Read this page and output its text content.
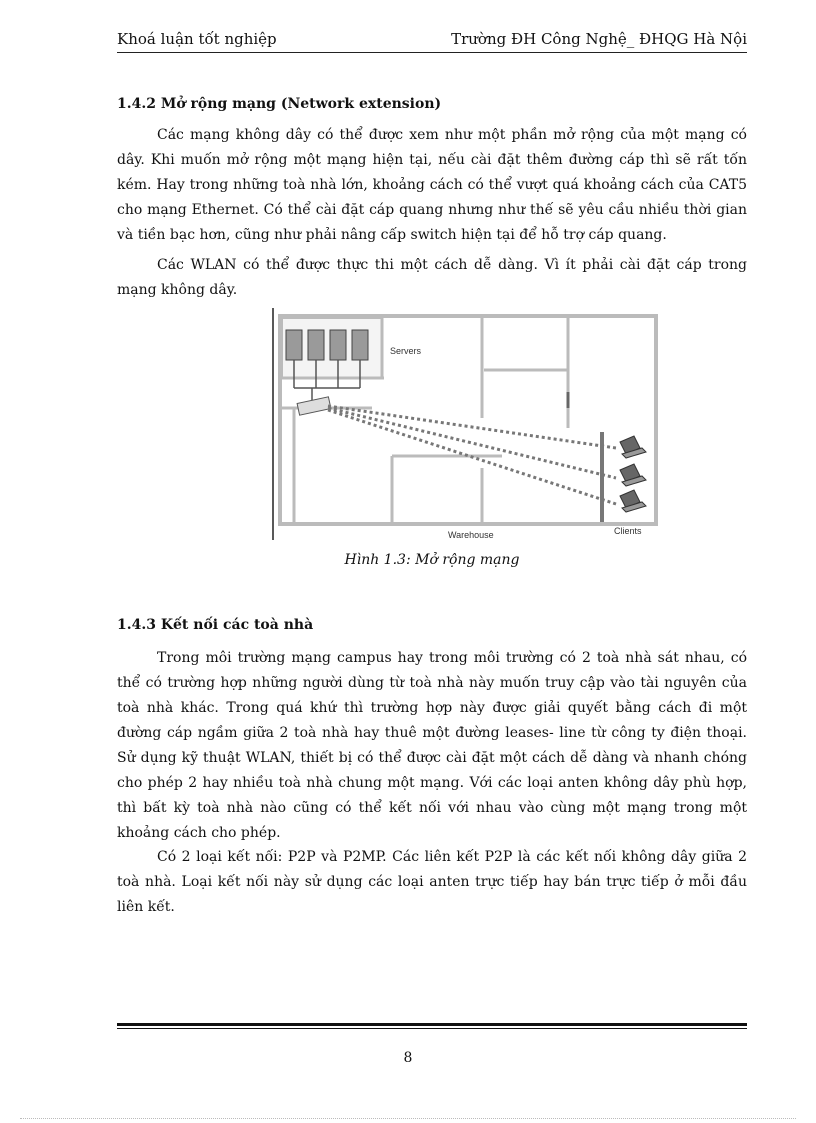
Khoá luận tốt nghiệp	Trường ĐH Công Nghệ_ ĐHQG Hà Nội
1.4.2 Mở rộng mạng (Network extension)

Các mạng không dây có thể được xem như một phần mở rộng của một mạng có dây. Khi muốn mở rộng một mạng hiện tại, nếu cài đặt thêm đường cáp thì sẽ rất tốn kém. Hay trong những toà nhà lớn, khoảng cách có thể vượt quá khoảng cách của CAT5 cho mạng Ethernet. Có thể cài đặt cáp quang nhưng như thế sẽ yêu cầu nhiều thời gian và tiền bạc hơn, cũng như phải nâng cấp switch hiện tại để hỗ trợ cáp quang.

Các WLAN có thể được thực thi một cách dễ dàng. Vì ít phải cài đặt cáp trong mạng không dây.

Servers
Warehouse	Clients
Hình 1.3: Mở rộng mạng
1.4.3 Kết nối các toà nhà

Trong môi trường mạng campus hay trong môi trường có 2 toà nhà sát nhau, có thể có trường hợp những người dùng từ toà nhà này muốn truy cập vào tài nguyên của toà nhà khác. Trong quá khứ thì trường hợp này được giải quyết bằng cách đi một đường cáp ngầm giữa 2 toà nhà hay thuê một đường leases- line từ công ty điện thoại. Sử dụng kỹ thuật WLAN, thiết bị có thể được cài đặt một cách dễ dàng và nhanh chóng cho phép 2 hay nhiều toà nhà chung một mạng. Với các loại anten không dây phù hợp, thì bất kỳ toà nhà nào cũng có thể kết nối với nhau vào cùng một mạng trong một khoảng cách cho phép.

Có 2 loại kết nối: P2P và P2MP. Các liên kết P2P là các kết nối không dây giữa 2 toà nhà. Loại kết nối này sử dụng các loại anten trực tiếp hay bán trực tiếp ở mỗi đầu liên kết.

8
